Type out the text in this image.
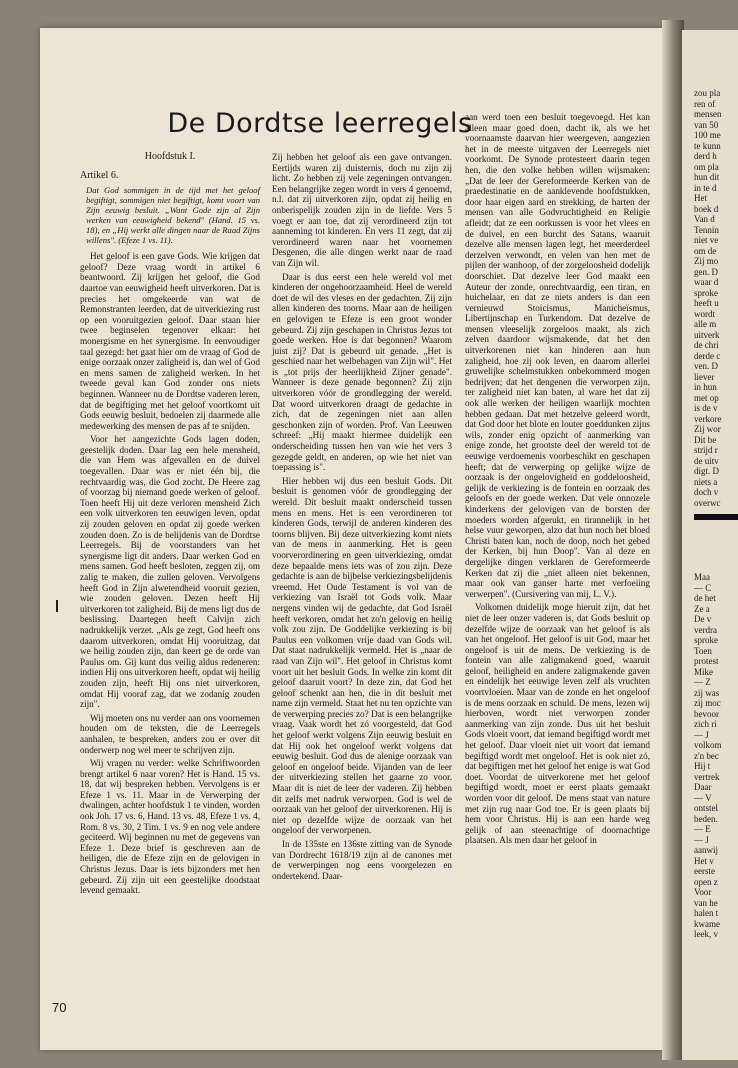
zou pla
ren of
mensen
van 50
100 me
te kunn
derd h
om pla
hun dit
in te d
Het
boek d
Van d
Tennin
niet ve
om de
Zij mo
gen. D
waar d
sproke
heeft u
wordt
alle m
uitverk
de chri
derde c
ven. D
liever
in hun
met op
is de v
verkore
Zij wor
Dit be
strijd r
de uitv
digt. D
niets a
doch v
overwc
Maa
— C
de het
Ze a
De v
verdra
sproke
Toen
protest
Mike
— Z
zij was
zij moc
bevoor
zich ri
— J
volkom
z'n bec
Hij t
vertrek
Daar
— V
ontstel
beden.
— E
— J
aanwij
Het v
eerste
open z
Voor
van he
halen t
kwame
leek, v
De Dordtse leerregels
Hoofdstuk I.
Artikel 6.
Dat God sommigen in de tijd met het geloof begiftigt, sommigen niet begiftigt, komt voort van Zijn eeuwig besluit. „Want Gode zijn al Zijn werken van eeuwigheid bekend" (Hand. 15 vs. 18), en „Hij werkt alle dingen naar de Raad Zijns willens". (Efeze 1 vs. 11).

Het geloof is een gave Gods. Wie krijgen dat geloof? Deze vraag wordt in artikel 6 beantwoord. Zij krijgen het geloof, die God daartoe van eeuwigheid heeft uitverkoren. Dat is precies het omgekeerde van wat de Remonstranten leerden, dat de uitverkiezing rust op een vooruitgezien geloof. Daar staan hier twee beginselen tegenover elkaar: het monergisme en het synergisme. In eenvoudiger taal gezegd: het gaat hier om de vraag of God de enige oorzaak onzer zaligheid is, dan wel of God en mens samen de zaligheid werken. In het tweede geval kan God zonder ons niets beginnen. Wanneer nu de Dordtse vaderen leren, dat de begiftiging met het geloof voortkomt uit Gods eeuwig besluit, bedoelen zij daarmede alle medewerking des mensen de pas af te snijden.

Voor het aangezichte Gods lagen doden, geestelijk doden. Daar lag een hele mensheid, die van Hem was afgevallen en de duivel toegevallen. Daar was er niet één bij, die rechtvaardig was, die God zocht. De Heere zag of voorzag bij niemand goede werken of geloof. Toen heeft Hij uit deze verloren mensheid Zich een volk uitverkoren ten eeuwigen leven, opdat zij zouden geloven en opdat zij goede werken zouden doen. Zo is de belijdenis van de Dordtse Leerregels. Bij de voorstanders van het synergisme ligt dit anders. Daar werken God en mens samen. God heeft besloten, zeggen zij, om zalig te maken, die zullen geloven. Vervolgens heeft God in Zijn alwetendheid vooruit gezien, wie zouden geloven. Dezen heeft Hij uitverkoren tot zaligheid. Bij de mens ligt dus de beslissing. Daartegen heeft Calvijn zich nadrukkelijk verzet. „Als ge zegt, God heeft ons daarom uitverkoren, omdat Hij vooruitzag, dat we heilig zouden zijn, dan keert ge de orde van Paulus om. Gij kunt dus veilig aldus redeneren: indien Hij ons uitverkoren heeft, opdat wij heilig zouden zijn, heeft Hij ons niet uitverkoren, omdat Hij vooraf zag, dat we zodanig zouden zijn".

Wij moeten ons nu verder aan ons voornemen houden om de teksten, die de Leerregels aanhalen, te bespreken, anders zou er over dit onderwerp nog wel meer te schrijven zijn.

Wij vragen nu verder: welke Schriftwoorden brengt artikel 6 naar voren? Het is Hand. 15 vs. 18, dat wij bespreken hebben. Vervolgens is er Efeze 1 vs. 11. Maar in de Verwerping der dwalingen, achter hoofdstuk 1 te vinden, worden ook Joh. 17 vs. 6, Hand. 13 vs. 48, Efeze 1 vs. 4, Rom. 8 vs. 30, 2 Tim. 1 vs. 9 en nog vele andere geciteerd. Wij beginnen nu met de gegevens van Efeze 1. Deze brief is geschreven aan de heiligen, die de Efeze zijn en de gelovigen in Christus Jezus. Daar is iets bijzonders met hen gebeurd. Zij zijn uit een geestelijke doodstaat levend gemaakt.

Zij hebben het geloof als een gave ontvangen. Eertijds waren zij duisternis, doch nu zijn zij licht. Zo hebben zij vele zegeningen ontvangen. Een belangrijke zegen wordt in vers 4 genoemd, n.l. dat zij uitverkoren zijn, opdat zij heilig en onberispelijk zouden zijn in de liefde. Vers 5 voegt er aan toe, dat zij verordineerd zijn tot aanneming tot kinderen. En vers 11 zegt, dat zij verordineerd waren naar het voornemen Desgenen, die alle dingen werkt naar de raad van Zijn wil.

Daar is dus eerst een hele wereld vol met kinderen der ongehoorzaamheid. Heel de wereld doet de wil des vleses en der gedachten. Zij zijn allen kinderen des toorns. Maar aan de heiligen en gelovigen te Efeze is een groot wonder gebeurd. Zij zijn geschapen in Christus Jezus tot goede werken. Hoe is dat begonnen? Waarom juist zij? Dat is gebeurd uit genade. „Het is geschied naar het welbehagen van Zijn wil". Het is „tot prijs der heerlijkheid Zijner genade". Wanneer is deze genade begonnen? Zij zijn uitverkoren vóór de grondlegging der wereld. Dat woord uitverkoren draagt de gedachte in zich, dat de zegeningen niet aan allen geschonken zijn of worden. Prof. Van Leeuwen schreef: „Hij maakt hiermee duidelijk een onderscheiding tussen hen van wie het vers 3 gezegde geldt, en anderen, op wie het niet van toepassing is".

Hier hebben wij dus een besluit Gods. Dit besluit is genomen vóór de grondlegging der wereld. Dit besluit maakt onderscheid tussen mens en mens. Het is een verordineren tot kinderen Gods, terwijl de anderen kinderen des toorns blijven. Bij deze uitverkiezing komt niets van de mens in aanmerking. Het is geen voorverordinering en geen uitverkiezing, omdat deze bepaalde mens iets was of zou zijn. Deze gedachte is aan de bijbelse verkiezingsbelijdenis vreemd. Het Oude Testament is vol van de verkiezing van Israël tot Gods volk. Maar nergens vinden wij de gedachte, dat God Israël heeft verkoren, omdat het zo'n gelovig en heilig volk zou zijn. De Goddelijke verkiezing is bij Paulus een volkomen vrije daad van Gods wil. Dat staat nadrukkelijk vermeld. Het is „naar de raad van Zijn wil". Het geloof in Christus komt voort uit het besluit Gods. In welke zin komt dit geloof daaruit voort? In deze zin, dat God het geloof schenkt aan hen, die in dit besluit met name zijn vermeld. Staat het nu ten opzichte van de verwerping precies zo? Dat is een belangrijke vraag. Vaak wordt het zó voorgesteld, dat God het geloof werkt volgens Zijn eeuwig besluit en dat Hij ook het ongeloof werkt volgens dat eeuwig besluit. God dus de alenige oorzaak van geloof en ongeloof beide. Vijanden van de leer der uitverkiezing stellen het gaarne zo voor. Maar dit is niet de leer der vaderen. Zij hebben dit zelfs met nadruk verworpen. God is wel de oorzaak van het geloof der uitverkorenen. Hij is niet op dezelfde wijze de oorzaak van het ongeloof der verworpenen.

In de 135ste en 136ste zitting van de Synode van Dordrecht 1618/19 zijn al de canones met de verwerpingen nog eens voorgelezen en ondertekend. Daar-

aan werd toen een besluit toegevoegd. Het kan alleen maar goed doen, dacht ik, als we het voornaamste daarvan hier weergeven, aangezien het in de meeste uitgaven der Leerregels niet voorkomt. De Synode protesteert daarin tegen hen, die den volke hebben willen wijsmaken: „Dat de leer der Gereformeerde Kerken van de praedestinatie en de aanklevende hoofdstukken, door haar eigen aard en strekking, de harten der mensen van alle Godvruchtigheid en Religie afleidt; dat ze een oorkussen is voor het vlees en de duivel, en een burcht des Satans, waaruit dezelve alle mensen lagen legt, het meerderdeel derzelven verwondt, en velen van hen met de pijlen der wanhoop, of der zorgeloosheid dodelijk doorschiet. Dat dezelve leer God maakt een Auteur der zonde, onrechtvaardig, een tiran, en huichelaar, en dat ze niets anders is dan een vernieuwd Stoicismus, Manicheïsmus, Libertijnschap en Turkendom. Dat dezelve de mensen vleeselijk zorgeloos maakt, als zich zelven daardoor wijsmakende, dat het den uitverkorenen niet kan hinderen aan hun zaligheid, hoe zij ook leven, en daarom allerlei gruwelijke schelmstukken onbekommerd mogen bedrijven; dat het dengenen die verworpen zijn, ter zaligheid niet kan baten, al ware het dat zij ook alle werken der heiligen waarlijk mochten hebben gedaan. Dat met hetzelve geleerd wordt, dat God door het blote en louter goeddunken zijns wils, zonder enig opzicht of aanmerking van enige zonde, het grootste deel der wereld tot de eeuwige verdoemenis voorbeschikt en geschapen heeft; dat de verwerping op gelijke wijze de oorzaak is der ongelovigheid en goddeloosheid, gelijk de verkiezing is de fontein en oorzaak des geloofs en der goede werken. Dat vele onnozele kinderkens der gelovigen van de borsten der moeders worden afgerukt, en tirannelijk in het helse vuur geworpen, alzo dat hun noch het bloed Christi baten kan, noch de doop, noch het gebed der Kerken, bij hun Doop". Van al deze en dergelijke dingen verklaren de Gereformeerde Kerken dat zij die „niet alleen niet bekennen, maar ook van ganser harte met verfoeiing verwerpen". (Cursivering van mij, L. V.).

Volkomen duidelijk moge hieruit zijn, dat het niet de leer onzer vaderen is, dat Gods besluit op dezelfde wijze de oorzaak van het geloof is als van het ongeloof. Het geloof is uit God, maar het ongeloof is uit de mens. De verkiezing is de fontein van alle zaligmakend goed, waaruit geloof, heiligheid en andere zaligmakende gaven en eindelijk het eeuwige leven zelf als vruchten voortvloeien. Maar van de zonde en het ongeloof is de mens oorzaak en schuld. De mens, lezen wij hierboven, wordt niet verworpen zonder aanmerking van zijn zonde. Dus uit het besluit Gods vloeit voort, dat iemand begiftigd wordt met het geloof. Daar vloeit niet uit voort dat iemand begiftigd wordt met ongeloof. Het is ook niet zó, dat begiftigen met het geloof het enige is wat God doet. Voordat de uitverkorene met het geloof begiftigd wordt, moet er eerst plaats gemaakt worden voor dit geloof. De mens staat van nature met zijn rug naar God toe. Er is geen plaats bij hem voor Christus. Hij is aan een harde weg gelijk of aan steenachtige of doornachtige plaatsen. Als men daar het geloof in

70
